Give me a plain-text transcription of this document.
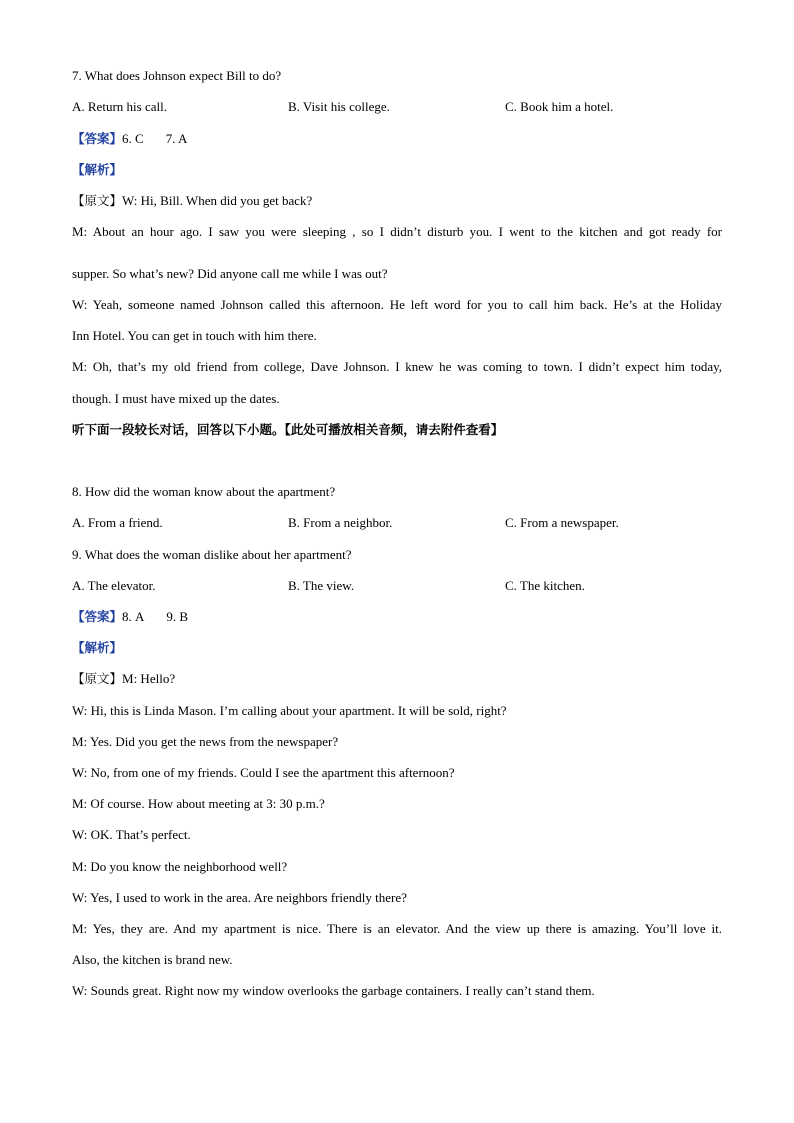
7. What does Johnson expect Bill to do?
A. Return his call.	B. Visit his college.	C. Book him a hotel.
【答案】6. C 7. A
【解析】
【原文】W: Hi, Bill. When did you get back?
M: About an hour ago. I saw you were sleeping , so I didn’t disturb you. I went to the kitchen and got ready for
supper. So what’s new? Did anyone call me while I was out?
W: Yeah, someone named Johnson called this afternoon. He left word for you to call him back. He’s at the Holiday
Inn Hotel. You can get in touch with him there.
M: Oh, that’s my old friend from college, Dave Johnson. I knew he was coming to town. I didn’t expect him today,
though. I must have mixed up the dates.
听下面一段较长对话，回答以下小题。【此处可播放相关音频，请去附件查看】
8. How did the woman know about the apartment?
A. From a friend.	B. From a neighbor.	C. From a newspaper.
9. What does the woman dislike about her apartment?
A. The elevator.	B. The view.	C. The kitchen.
【答案】8. A 9. B
【解析】
【原文】M: Hello?
W: Hi, this is Linda Mason. I’m calling about your apartment. It will be sold, right?
M: Yes. Did you get the news from the newspaper?
W: No, from one of my friends. Could I see the apartment this afternoon?
M: Of course. How about meeting at 3: 30 p.m.?
W: OK. That’s perfect.
M: Do you know the neighborhood well?
W: Yes, I used to work in the area. Are neighbors friendly there?
M: Yes, they are. And my apartment is nice. There is an elevator. And the view up there is amazing. You’ll love it.
Also, the kitchen is brand new.
W: Sounds great. Right now my window overlooks the garbage containers. I really can’t stand them.
